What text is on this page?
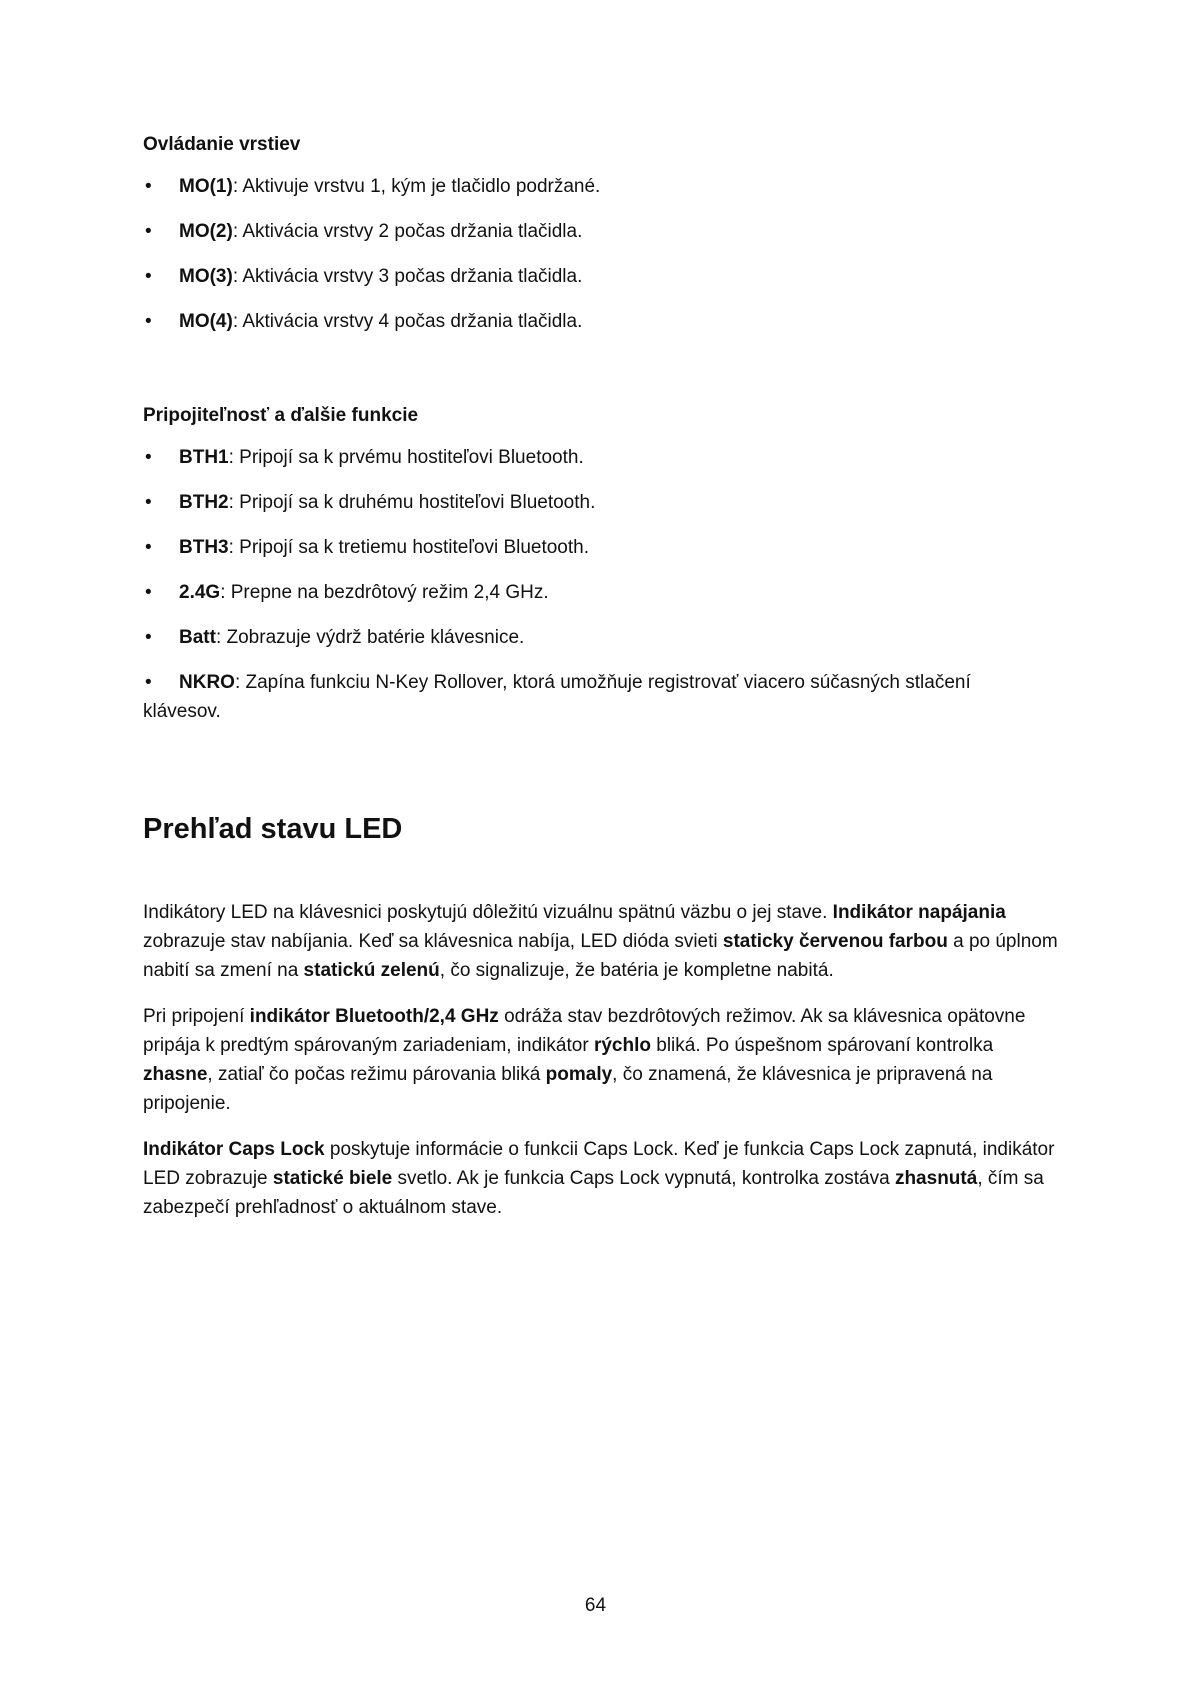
Ovládanie vrstiev
• MO(1): Aktivuje vrstvu 1, kým je tlačidlo podržané.
• MO(2): Aktivácia vrstvy 2 počas držania tlačidla.
• MO(3): Aktivácia vrstvy 3 počas držania tlačidla.
• MO(4): Aktivácia vrstvy 4 počas držania tlačidla.
Pripojiteľnosť a ďalšie funkcie
• BTH1: Pripojí sa k prvému hostiteľovi Bluetooth.
• BTH2: Pripojí sa k druhému hostiteľovi Bluetooth.
• BTH3: Pripojí sa k tretiemu hostiteľovi Bluetooth.
• 2.4G: Prepne na bezdrôtový režim 2,4 GHz.
• Batt: Zobrazuje výdrž batérie klávesnice.
• NKRO: Zapína funkciu N-Key Rollover, ktorá umožňuje registrovať viacero súčasných stlačení klávesov.
Prehľad stavu LED

Indikátory LED na klávesnici poskytujú dôležitú vizuálnu spätnú väzbu o jej stave. Indikátor napájania zobrazuje stav nabíjania. Keď sa klávesnica nabíja, LED dióda svieti staticky červenou farbou a po úplnom nabití sa zmení na statickú zelenú, čo signalizuje, že batéria je kompletne nabitá.

Pri pripojení indikátor Bluetooth/2,4 GHz odráža stav bezdrôtových režimov. Ak sa klávesnica opätovne pripája k predtým spárovaným zariadeniam, indikátor rýchlo bliká. Po úspešnom spárovaní kontrolka zhasne, zatiaľ čo počas režimu párovania bliká pomaly, čo znamená, že klávesnica je pripravená na pripojenie.

Indikátor Caps Lock poskytuje informácie o funkcii Caps Lock. Keď je funkcia Caps Lock zapnutá, indikátor LED zobrazuje statické biele svetlo. Ak je funkcia Caps Lock vypnutá, kontrolka zostáva zhasnutá, čím sa zabezpečí prehľadnosť o aktuálnom stave.

64
